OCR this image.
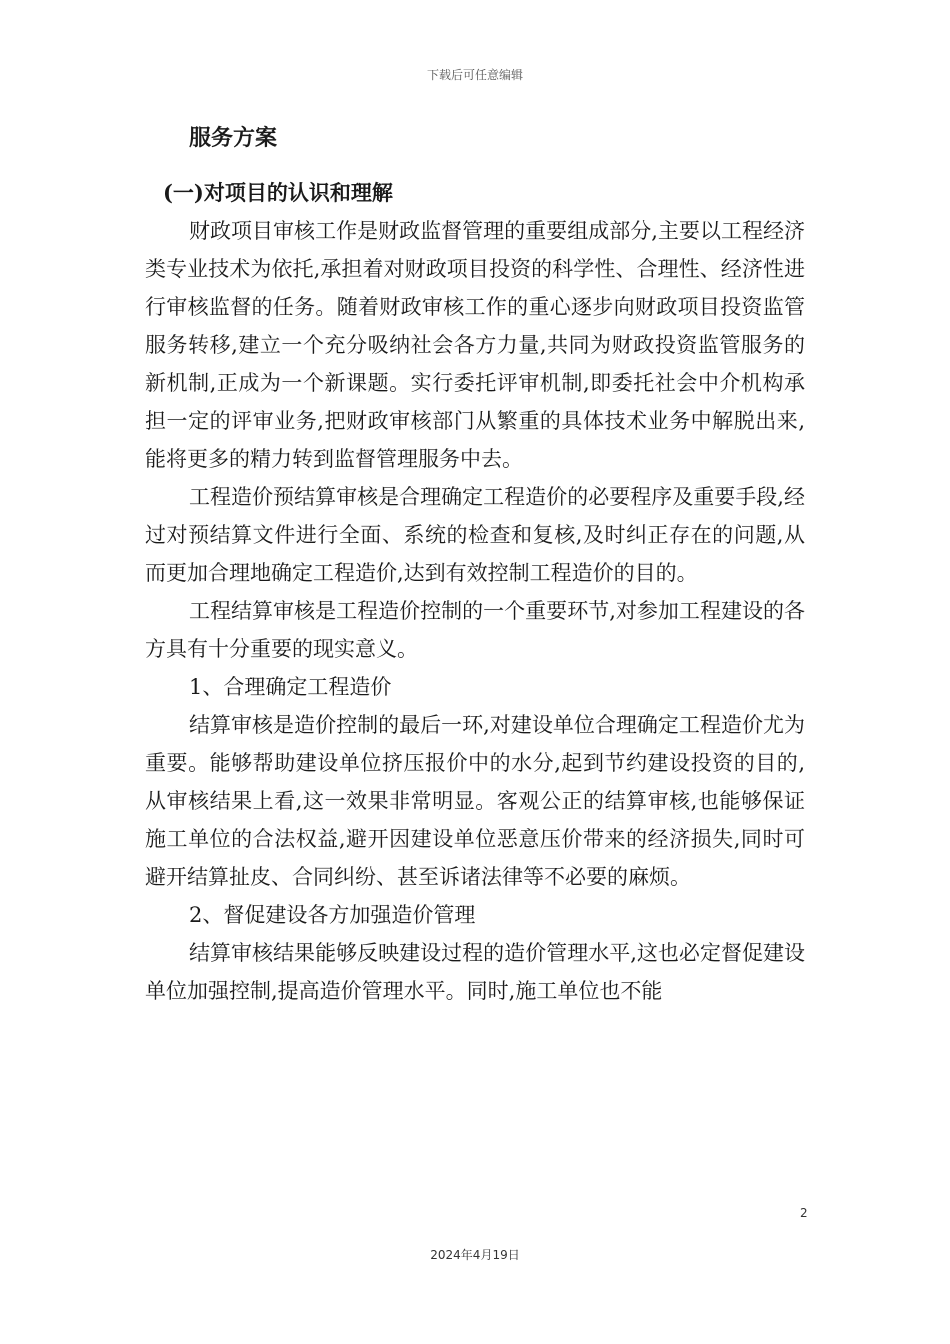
下载后可任意编辑
服务方案
(一)对项目的认识和理解

财政项目审核工作是财政监督管理的重要组成部分,主要以工程经济类专业技术为依托,承担着对财政项目投资的科学性、合理性、经济性进行审核监督的任务。随着财政审核工作的重心逐步向财政项目投资监管服务转移,建立一个充分吸纳社会各方力量,共同为财政投资监管服务的新机制,正成为一个新课题。实行委托评审机制,即委托社会中介机构承担一定的评审业务,把财政审核部门从繁重的具体技术业务中解脱出来,能将更多的精力转到监督管理服务中去。

工程造价预结算审核是合理确定工程造价的必要程序及重要手段,经过对预结算文件进行全面、系统的检查和复核,及时纠正存在的问题,从而更加合理地确定工程造价,达到有效控制工程造价的目的。

工程结算审核是工程造价控制的一个重要环节,对参加工程建设的各方具有十分重要的现实意义。

1、合理确定工程造价

结算审核是造价控制的最后一环,对建设单位合理确定工程造价尤为重要。能够帮助建设单位挤压报价中的水分,起到节约建设投资的目的,从审核结果上看,这一效果非常明显。客观公正的结算审核,也能够保证施工单位的合法权益,避开因建设单位恶意压价带来的经济损失,同时可避开结算扯皮、合同纠纷、甚至诉诸法律等不必要的麻烦。

2、督促建设各方加强造价管理

结算审核结果能够反映建设过程的造价管理水平,这也必定督促建设单位加强控制,提高造价管理水平。同时,施工单位也不能

2
2024年4月19日
